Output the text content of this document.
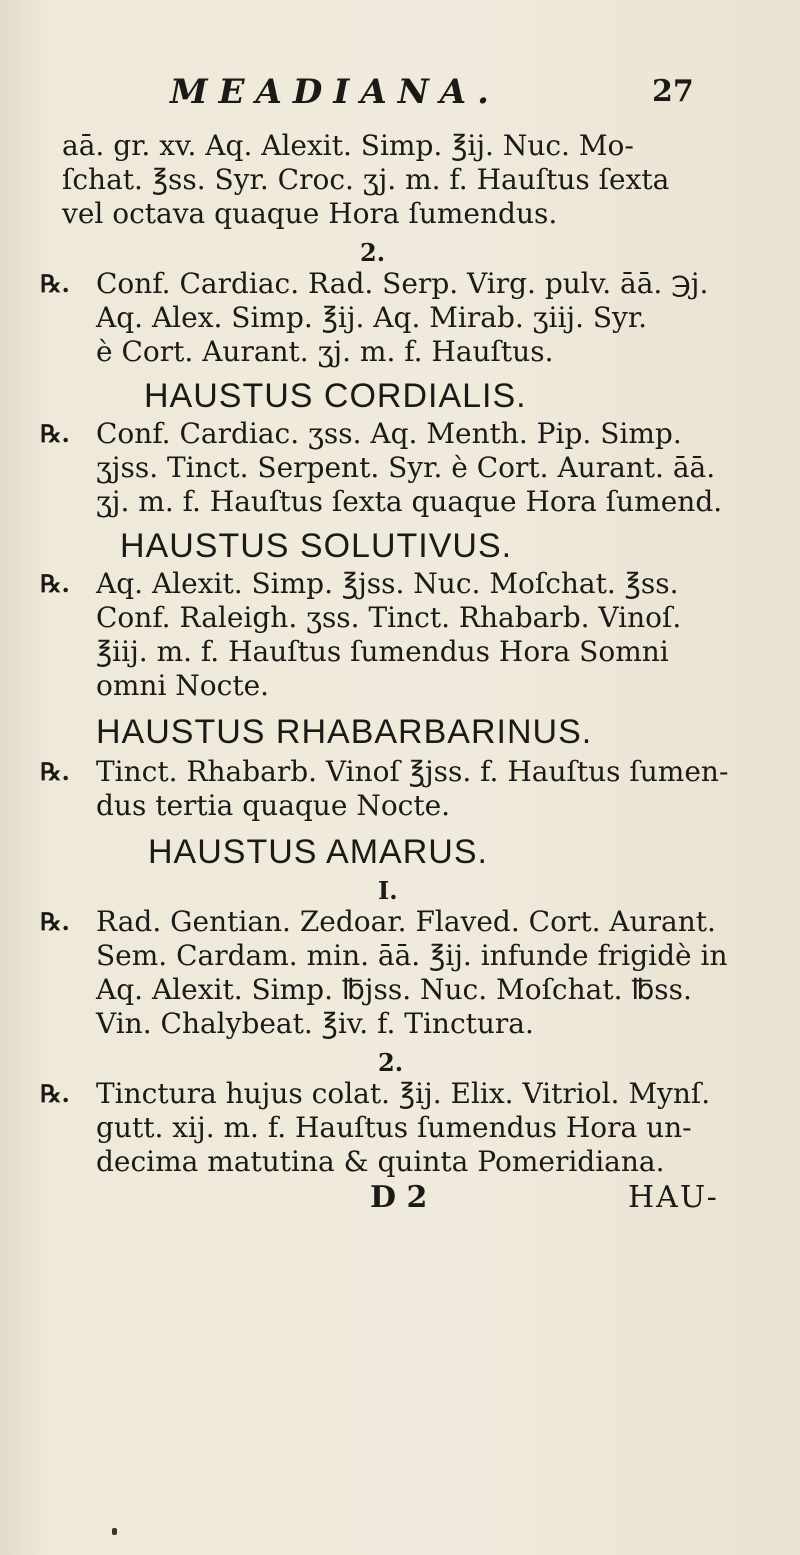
MEADIANA.	27
aā. gr. xv. Aq. Alexit. Simp. ℥ij. Nuc. Mo-
ſchat. ℥ss. Syr. Croc. ʒj. m. f. Hauſtus ſexta
vel octava quaque Hora ſumendus.
2.
℞. Conf. Cardiac. Rad. Serp. Virg. pulv. āā. ℈j.
Aq. Alex. Simp. ℥ij. Aq. Mirab. ʒiij. Syr.
è Cort. Aurant. ʒj. m. f. Hauſtus.
HAUSTUS CORDIALIS.
℞. Conf. Cardiac. ʒss. Aq. Menth. Pip. Simp.
ʒjss. Tinct. Serpent. Syr. è Cort. Aurant. āā.
ʒj. m. f. Hauſtus ſexta quaque Hora ſumend.
HAUSTUS SOLUTIVUS.
℞. Aq. Alexit. Simp. ℥jss. Nuc. Moſchat. ℥ss.
Conf. Raleigh. ʒss. Tinct. Rhabarb. Vinoſ.
℥iij. m. f. Hauſtus ſumendus Hora Somni
omni Nocte.
HAUSTUS RHABARBARINUS.
℞. Tinct. Rhabarb. Vinoſ ℥jss. f. Hauſtus ſumen-
dus tertia quaque Nocte.
HAUSTUS AMARUS.
I.
℞. Rad. Gentian. Zedoar. Flaved. Cort. Aurant.
Sem. Cardam. min. āā. ℥ij. infunde frigidè in
Aq. Alexit. Simp. ℔jss. Nuc. Moſchat. ℔ss.
Vin. Chalybeat. ℥iv. f. Tinctura.
2.
℞. Tinctura hujus colat. ℥ij. Elix. Vitriol. Mynſ.
gutt. xij. m. f. Hauſtus ſumendus Hora un-
decima matutina & quinta Pomeridiana.
D 2	HAU-
